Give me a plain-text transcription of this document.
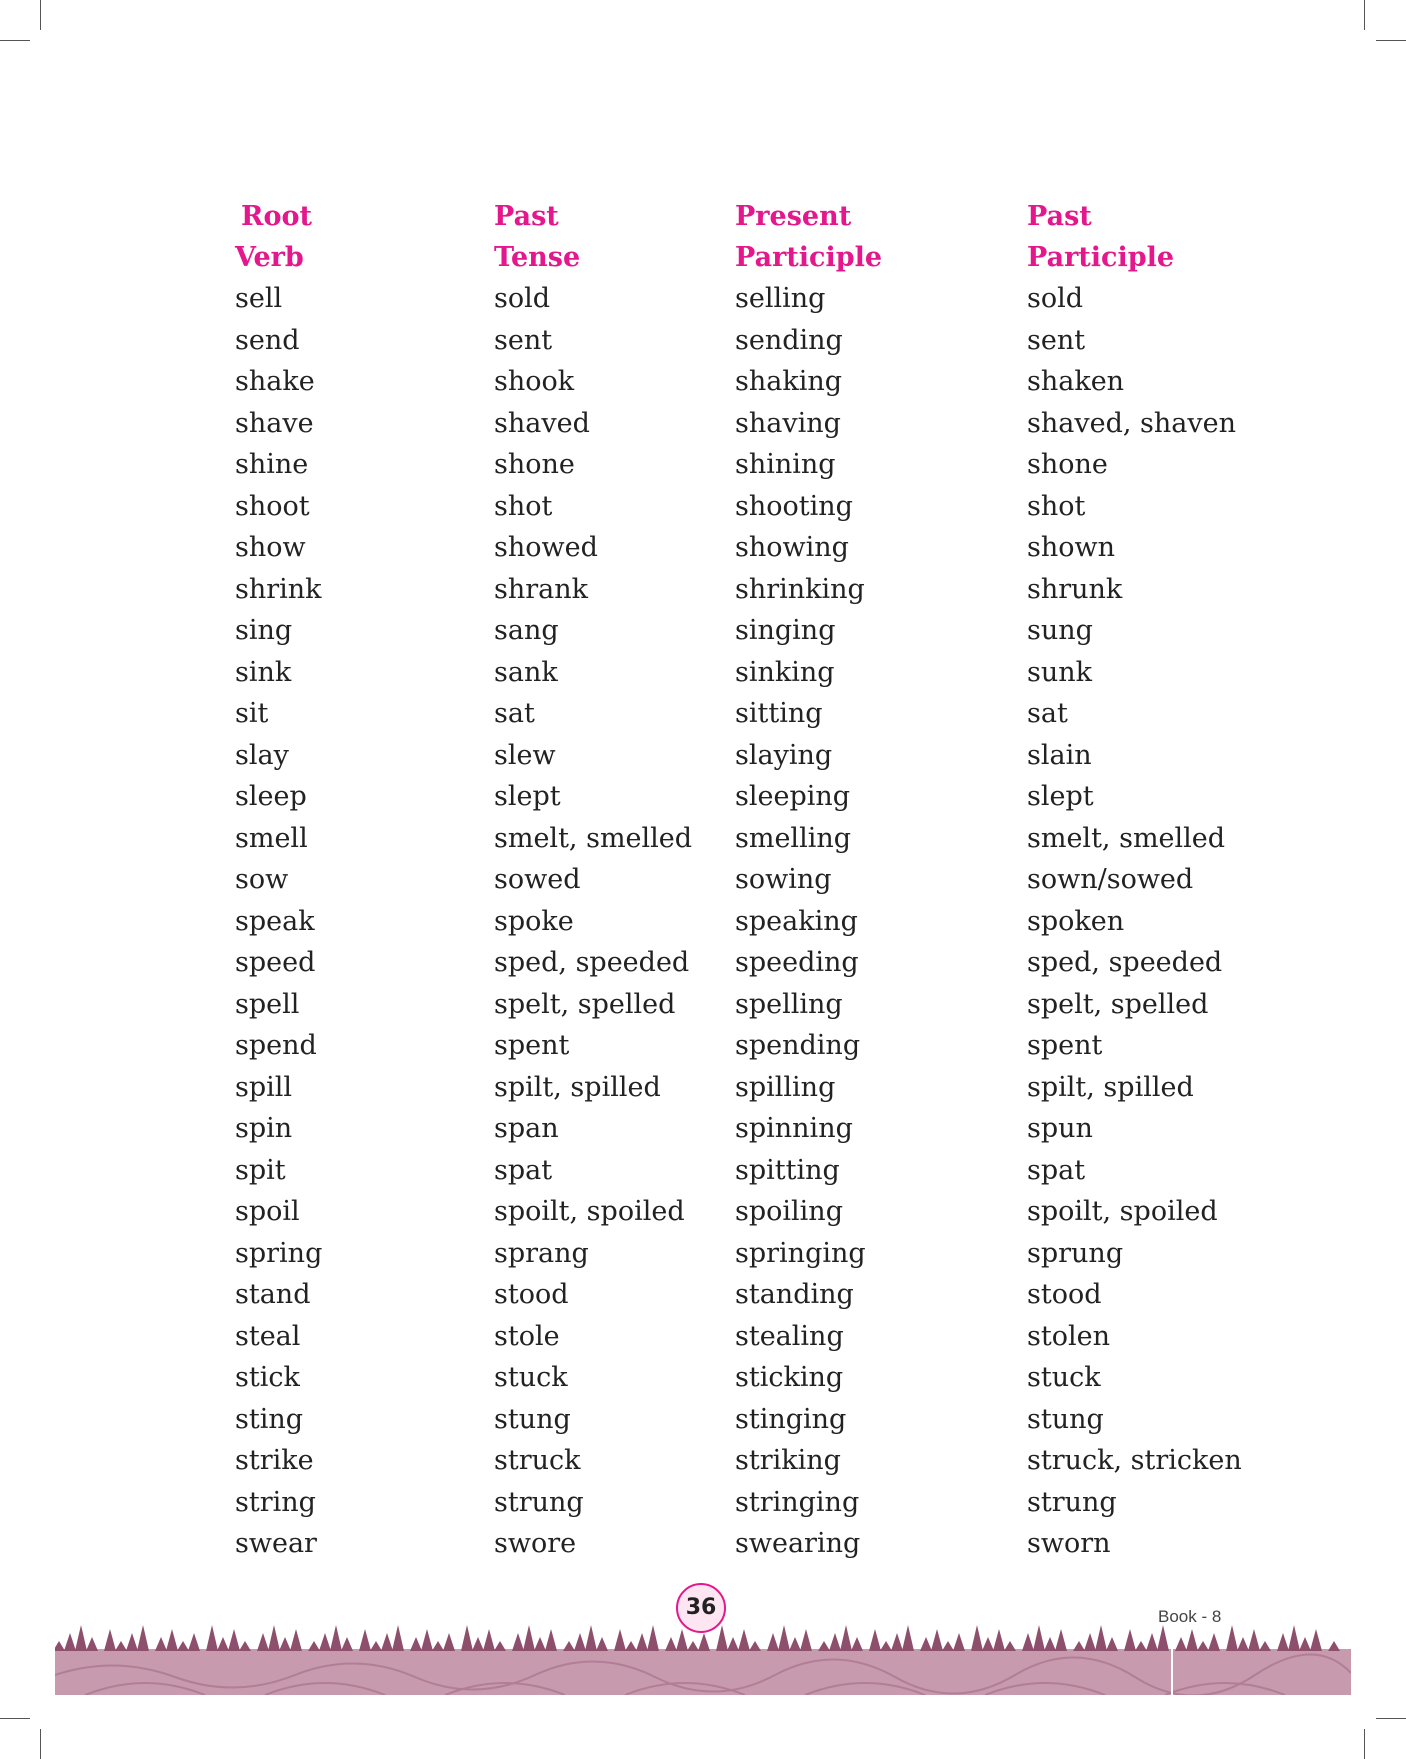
Root
Verb
sell
send
shake
shave
shine
shoot
show
shrink
sing
sink
sit
slay
sleep
smell
sow
speak
speed
spell
spend
spill
spin
spit
spoil
spring
stand
steal
stick
sting
strike
string
swear
Past
Tense
sold
sent
shook
shaved
shone
shot
showed
shrank
sang
sank
sat
slew
slept
smelt, smelled
sowed
spoke
sped, speeded
spelt, spelled
spent
spilt, spilled
span
spat
spoilt, spoiled
sprang
stood
stole
stuck
stung
struck
strung
swore
Present
Participle
selling
sending
shaking
shaving
shining
shooting
showing
shrinking
singing
sinking
sitting
slaying
sleeping
smelling
sowing
speaking
speeding
spelling
spending
spilling
spinning
spitting
spoiling
springing
standing
stealing
sticking
stinging
striking
stringing
swearing
Past
Participle
sold
sent
shaken
shaved, shaven
shone
shot
shown
shrunk
sung
sunk
sat
slain
slept
smelt, smelled
sown/sowed
spoken
sped, speeded
spelt, spelled
spent
spilt, spilled
spun
spat
spoilt, spoiled
sprung
stood
stolen
stuck
stung
struck, stricken
strung
sworn
36	Book - 8
